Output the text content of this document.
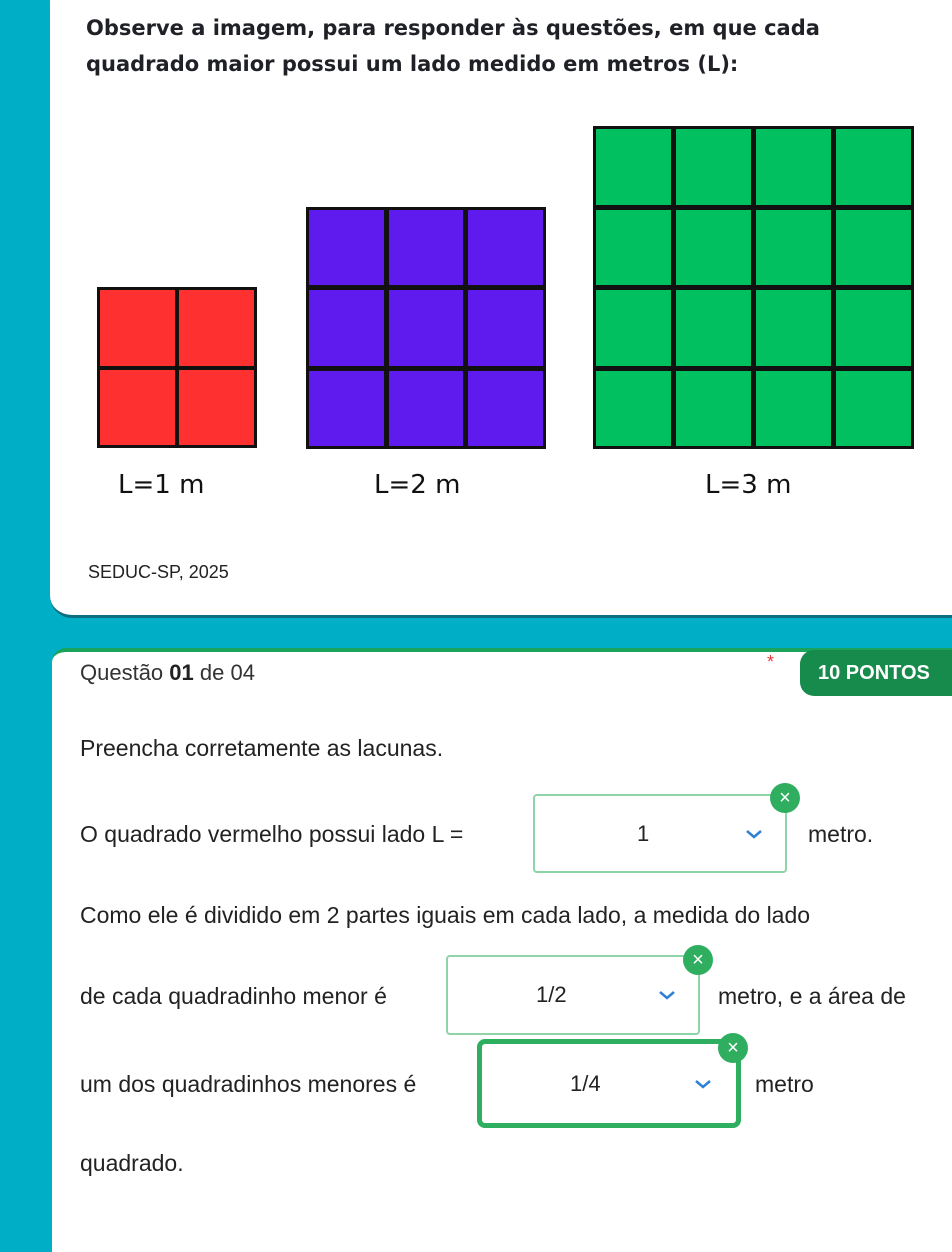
Observe a imagem, para responder às questões, em que cada quadrado maior possui um lado medido em metros (L):

L=1 m	L=2 m	L=3 m
SEDUC-SP, 2025
Questão 01 de 04	*	10 PONTOS
Preencha corretamente as lacunas.
O quadrado vermelho possui lado L =	1
×
metro.
Como ele é dividido em 2 partes iguais em cada lado, a medida do lado
de cada quadradinho menor é	1/2
×
metro, e a área de
um dos quadradinhos menores é	1/4
×
metro
quadrado.
